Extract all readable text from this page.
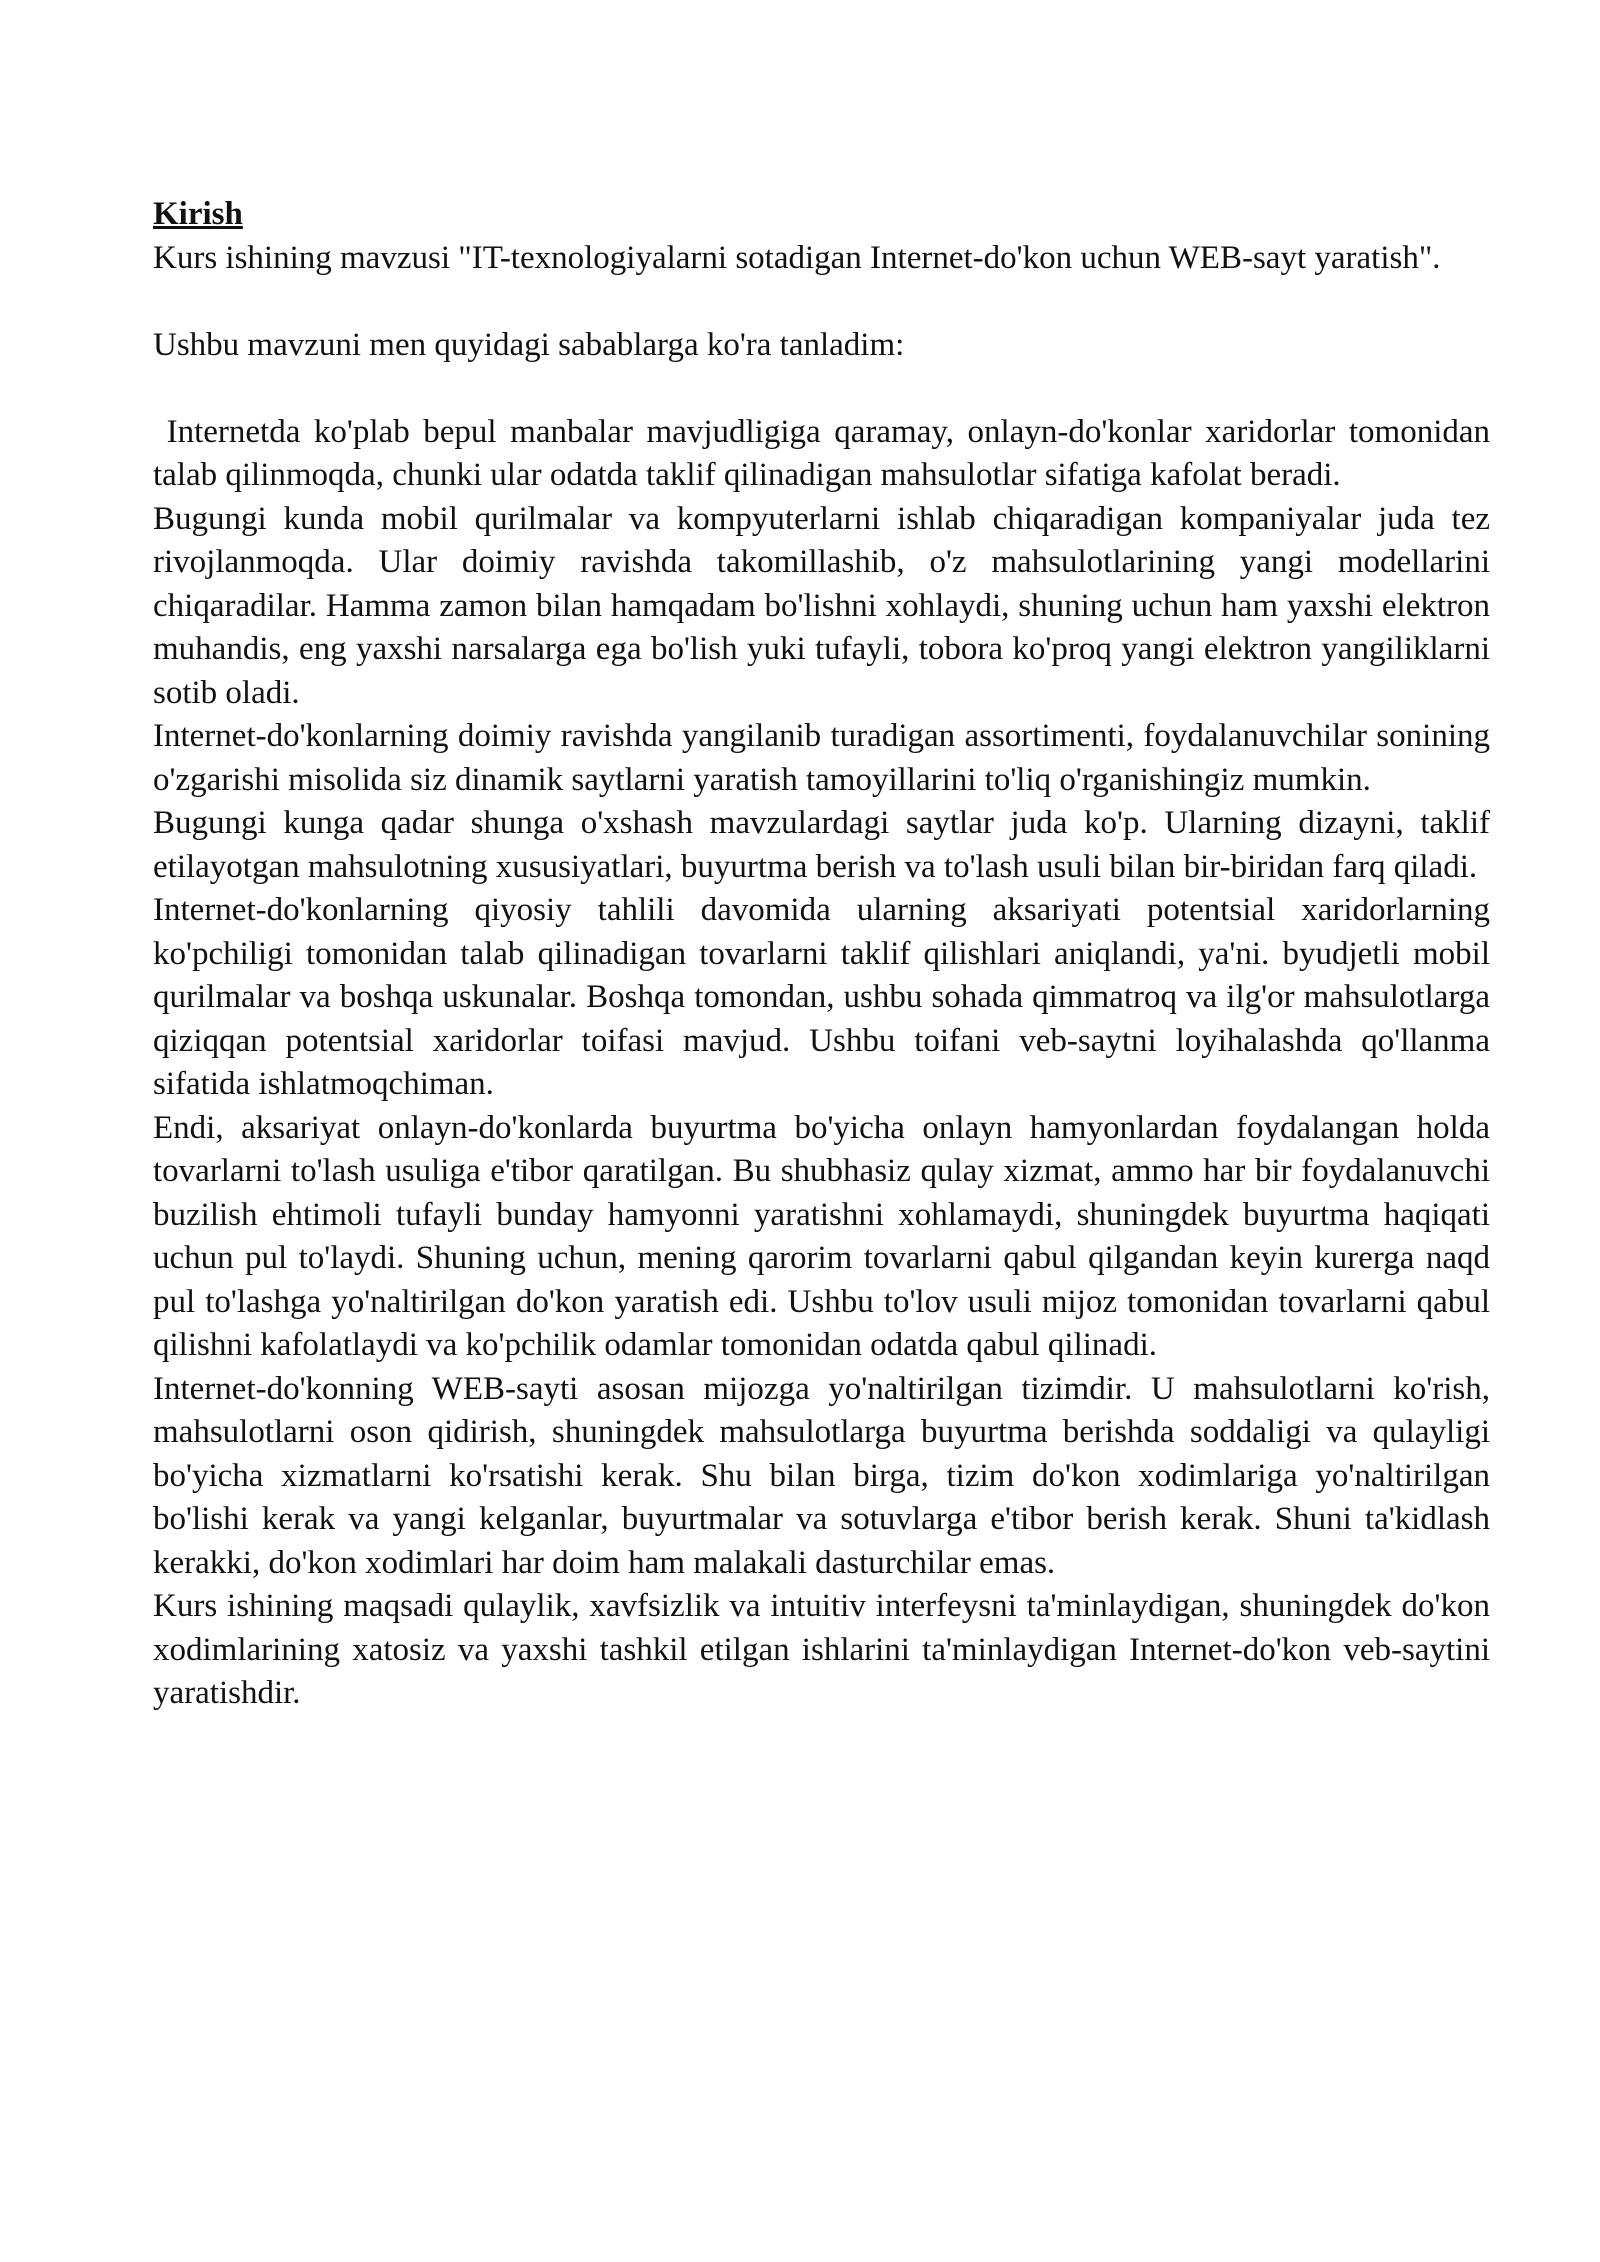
Kirish

Kurs ishining mavzusi "IT-texnologiyalarni sotadigan Internet-do'kon uchun WEB-sayt yaratish".

Ushbu mavzuni men quyidagi sabablarga ko'ra tanladim:

Internetda ko'plab bepul manbalar mavjudligiga qaramay, onlayn-do'konlar xaridorlar tomonidan talab qilinmoqda, chunki ular odatda taklif qilinadigan mahsulotlar sifatiga kafolat beradi.

Bugungi kunda mobil qurilmalar va kompyuterlarni ishlab chiqaradigan kompaniyalar juda tez rivojlanmoqda. Ular doimiy ravishda takomillashib, o'z mahsulotlarining yangi modellarini chiqaradilar. Hamma zamon bilan hamqadam bo'lishni xohlaydi, shuning uchun ham yaxshi elektron muhandis, eng yaxshi narsalarga ega bo'lish yuki tufayli, tobora ko'proq yangi elektron yangiliklarni sotib oladi.

Internet-do'konlarning doimiy ravishda yangilanib turadigan assortimenti, foydalanuvchilar sonining o'zgarishi misolida siz dinamik saytlarni yaratish tamoyillarini to'liq o'rganishingiz mumkin.

Bugungi kunga qadar shunga o'xshash mavzulardagi saytlar juda ko'p. Ularning dizayni, taklif etilayotgan mahsulotning xususiyatlari, buyurtma berish va to'lash usuli bilan bir-biridan farq qiladi.

Internet-do'konlarning qiyosiy tahlili davomida ularning aksariyati potentsial xaridorlarning ko'pchiligi tomonidan talab qilinadigan tovarlarni taklif qilishlari aniqlandi, ya'ni. byudjetli mobil qurilmalar va boshqa uskunalar. Boshqa tomondan, ushbu sohada qimmatroq va ilg'or mahsulotlarga qiziqqan potentsial xaridorlar toifasi mavjud. Ushbu toifani veb-saytni loyihalashda qo'llanma sifatida ishlatmoqchiman.

Endi, aksariyat onlayn-do'konlarda buyurtma bo'yicha onlayn hamyonlardan foydalangan holda tovarlarni to'lash usuliga e'tibor qaratilgan. Bu shubhasiz qulay xizmat, ammo har bir foydalanuvchi buzilish ehtimoli tufayli bunday hamyonni yaratishni xohlamaydi, shuningdek buyurtma haqiqati uchun pul to'laydi. Shuning uchun, mening qarorim tovarlarni qabul qilgandan keyin kurerga naqd pul to'lashga yo'naltirilgan do'kon yaratish edi. Ushbu to'lov usuli mijoz tomonidan tovarlarni qabul qilishni kafolatlaydi va ko'pchilik odamlar tomonidan odatda qabul qilinadi.

Internet-do'konning WEB-sayti asosan mijozga yo'naltirilgan tizimdir. U mahsulotlarni ko'rish, mahsulotlarni oson qidirish, shuningdek mahsulotlarga buyurtma berishda soddaligi va qulayligi bo'yicha xizmatlarni ko'rsatishi kerak. Shu bilan birga, tizim do'kon xodimlariga yo'naltirilgan bo'lishi kerak va yangi kelganlar, buyurtmalar va sotuvlarga e'tibor berish kerak. Shuni ta'kidlash kerakki, do'kon xodimlari har doim ham malakali dasturchilar emas.

Kurs ishining maqsadi qulaylik, xavfsizlik va intuitiv interfeysni ta'minlaydigan, shuningdek do'kon xodimlarining xatosiz va yaxshi tashkil etilgan ishlarini ta'minlaydigan Internet-do'kon veb-saytini yaratishdir.
